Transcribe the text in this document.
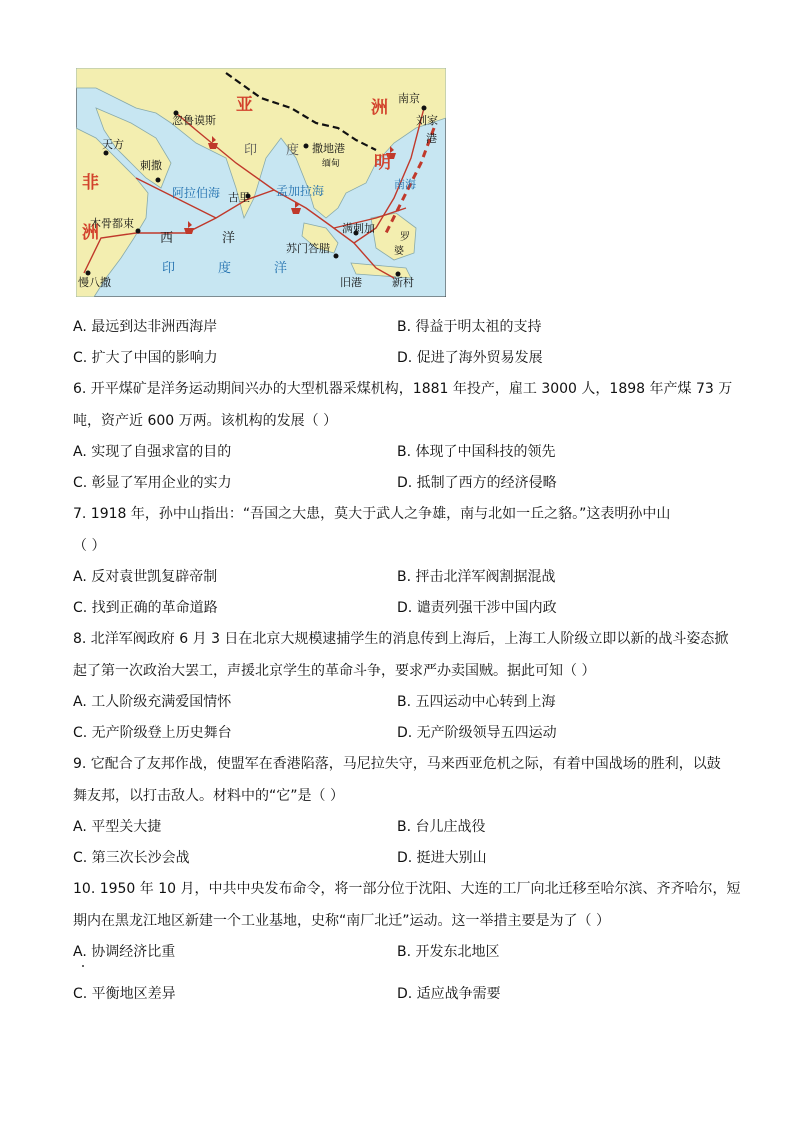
南京
刘家
港
亚	洲
明
忽鲁谟斯
天方	印 度 撒地港
缅甸
非
洲
刺撒
阿拉伯海 古里 孟加拉海	南海
木骨都束
西	洋
苏门答腊
满刺加
罗
婆
印	度	洋
旧港	新村
慢八撒
A. 最远到达非洲西海岸	B. 得益于明太祖的支持
C. 扩大了中国的影响力	D. 促进了海外贸易发展
6. 开平煤矿是洋务运动期间兴办的大型机器采煤机构，1881 年投产，雇工 3000 人，1898 年产煤 73 万
吨，资产近 600 万两。该机构的发展（ ）
A. 实现了自强求富的目的	B. 体现了中国科技的领先
C. 彰显了军用企业的实力	D. 抵制了西方的经济侵略
7. 1918 年，孙中山指出：“吾国之大患，莫大于武人之争雄，南与北如一丘之貉。”这表明孙中山
（ ）
A. 反对袁世凯复辟帝制	B. 抨击北洋军阀割据混战
C. 找到正确的革命道路	D. 谴责列强干涉中国内政
8. 北洋军阀政府 6 月 3 日在北京大规模逮捕学生的消息传到上海后，上海工人阶级立即以新的战斗姿态掀
起了第一次政治大罢工，声援北京学生的革命斗争，要求严办卖国贼。据此可知（ ）
A. 工人阶级充满爱国情怀	B. 五四运动中心转到上海
C. 无产阶级登上历史舞台	D. 无产阶级领导五四运动
9. 它配合了友邦作战，使盟军在香港陷落，马尼拉失守，马来西亚危机之际，有着中国战场的胜利，以鼓
舞友邦，以打击敌人。材料中的“它”是（ ）
A. 平型关大捷	B. 台儿庄战役
C. 第三次长沙会战	D. 挺进大别山
10. 1950 年 10 月，中共中央发布命令，将一部分位于沈阳、大连的工厂向北迁移至哈尔滨、齐齐哈尔，短
期内在黑龙江地区新建一个工业基地，史称“南厂北迁”运动。这一举措主要是为了（ ）
A. 协调经济比重	B. 开发东北地区
C. 平衡地区差异	D. 适应战争需要
